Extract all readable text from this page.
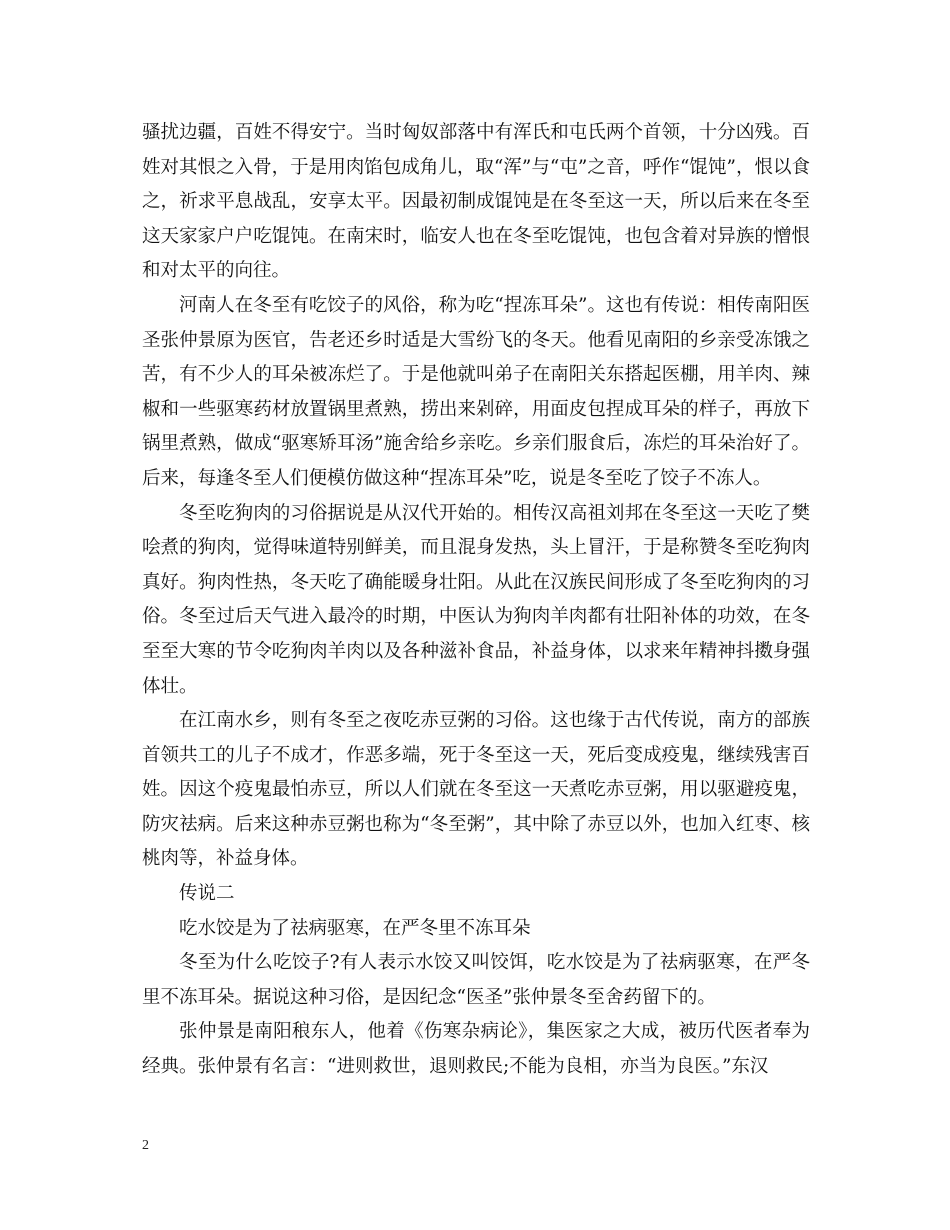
骚扰边疆，百姓不得安宁。当时匈奴部落中有浑氏和屯氏两个首领，十分凶残。百姓对其恨之入骨，于是用肉馅包成角儿，取“浑”与“屯”之音，呼作“馄饨”，恨以食之，祈求平息战乱，安享太平。因最初制成馄饨是在冬至这一天，所以后来在冬至这天家家户户吃馄饨。在南宋时，临安人也在冬至吃馄饨，也包含着对异族的憎恨和对太平的向往。

河南人在冬至有吃饺子的风俗，称为吃“捏冻耳朵”。这也有传说：相传南阳医圣张仲景原为医官，告老还乡时适是大雪纷飞的冬天。他看见南阳的乡亲受冻饿之苦，有不少人的耳朵被冻烂了。于是他就叫弟子在南阳关东搭起医棚，用羊肉、辣椒和一些驱寒药材放置锅里煮熟，捞出来剁碎，用面皮包捏成耳朵的样子，再放下锅里煮熟，做成“驱寒矫耳汤”施舍给乡亲吃。乡亲们服食后，冻烂的耳朵治好了。后来，每逢冬至人们便模仿做这种“捏冻耳朵”吃，说是冬至吃了饺子不冻人。

冬至吃狗肉的习俗据说是从汉代开始的。相传汉高祖刘邦在冬至这一天吃了樊哙煮的狗肉，觉得味道特别鲜美，而且混身发热，头上冒汗，于是称赞冬至吃狗肉真好。狗肉性热，冬天吃了确能暖身壮阳。从此在汉族民间形成了冬至吃狗肉的习俗。冬至过后天气进入最冷的时期，中医认为狗肉羊肉都有壮阳补体的功效，在冬至至大寒的节令吃狗肉羊肉以及各种滋补食品，补益身体，以求来年精神抖擞身强体壮。

在江南水乡，则有冬至之夜吃赤豆粥的习俗。这也缘于古代传说，南方的部族首领共工的儿子不成才，作恶多端，死于冬至这一天，死后变成疫鬼，继续残害百姓。因这个疫鬼最怕赤豆，所以人们就在冬至这一天煮吃赤豆粥，用以驱避疫鬼，防灾祛病。后来这种赤豆粥也称为“冬至粥”，其中除了赤豆以外，也加入红枣、核桃肉等，补益身体。

传说二

吃水饺是为了祛病驱寒，在严冬里不冻耳朵

冬至为什么吃饺子?有人表示水饺又叫饺饵，吃水饺是为了祛病驱寒，在严冬里不冻耳朵。据说这种习俗，是因纪念“医圣”张仲景冬至舍药留下的。

张仲景是南阳稂东人，他着《伤寒杂病论》，集医家之大成，被历代医者奉为经典。张仲景有名言：“进则救世，退则救民;不能为良相，亦当为良医。”东汉

2
